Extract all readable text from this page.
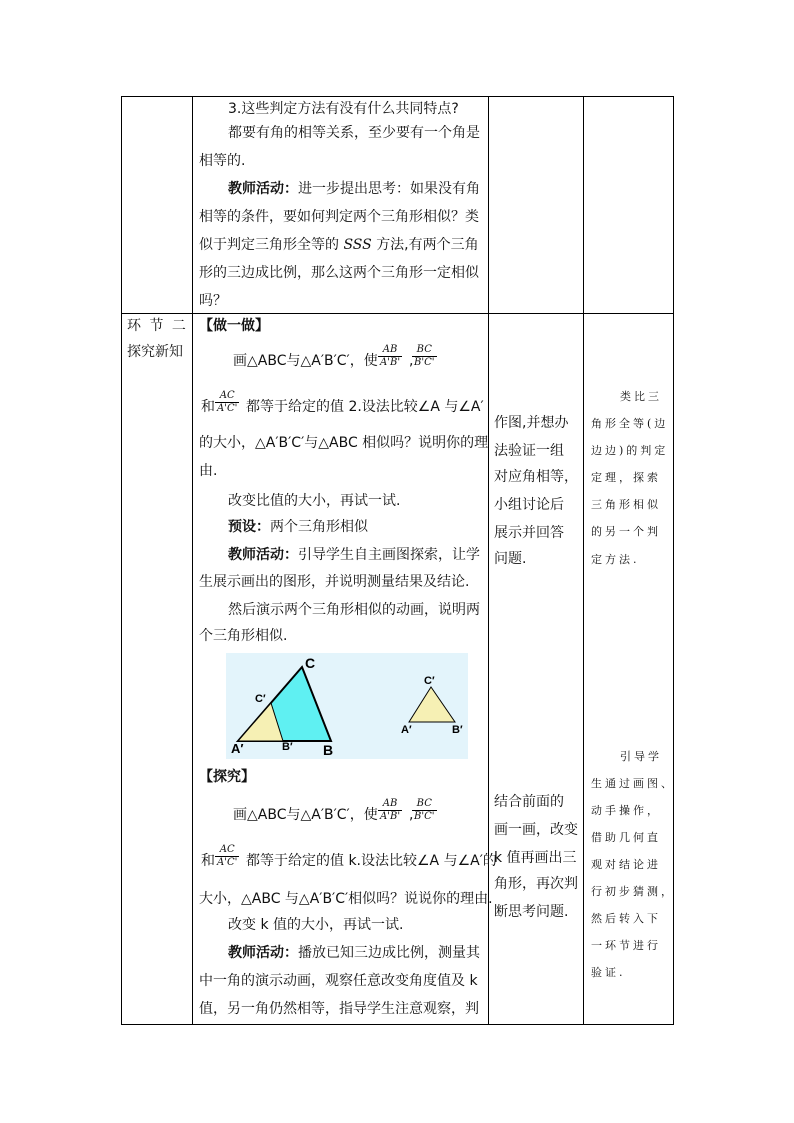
3.这些判定方法有没有什么共同特点?
都要有角的相等关系，至少要有一个角是
相等的.
教师活动：进一步提出思考：如果没有角
相等的条件，要如何判定两个三角形相似？类
似于判定三角形全等的 SSS 方法,有两个三角
形的三边成比例，那么这两个三角形一定相似
吗？
环 节 二
探究新知
【做一做】
画△ABC与△A′B′C′，使 $\frac{AB}{A'B'}$ ,
$\frac{BC}{B'C'}$
和 $\frac{AC}{A'C'}$ 都等于给定的值 2.设法比较∠A 与∠A′
的大小，△A′B′C′与△ABC 相似吗？说明你的理
由.
改变比值的大小，再试一试.
预设：两个三角形相似
教师活动：引导学生自主画图探索，让学
生展示画出的图形，并说明测量结果及结论.
然后演示两个三角形相似的动画，说明两
个三角形相似.
C
C′
A′	B′ B
C′
A′	B′
【探究】
画△ABC与△A′B′C′，使 $\frac{AB}{A'B'}$ ,
$\frac{BC}{B'C'}$
和 $\frac{AC}{A'C'}$ 都等于给定的值 k.设法比较∠A 与∠A′的
大小，△ABC 与△A′B′C′相似吗？说说你的理由.
改变 k 值的大小，再试一试.
教师活动：播放已知三边成比例，测量其
中一角的演示动画，观察任意改变角度值及 k
值，另一角仍然相等，指导学生注意观察，判
作图,并想办
法验证一组
对应角相等，
小组讨论后
展示并回答
问题.
结合前面的
画一画，改变
k 值再画出三
角形，再次判
断思考问题.
类比三
角形全等(边
边边)的判定
定理，探索
三角形相似
的另一个判
定方法.
引导学
生通过画图、
动手操作，
借助几何直
观对结论进
行初步猜测，
然后转入下
一环节进行
验证.
